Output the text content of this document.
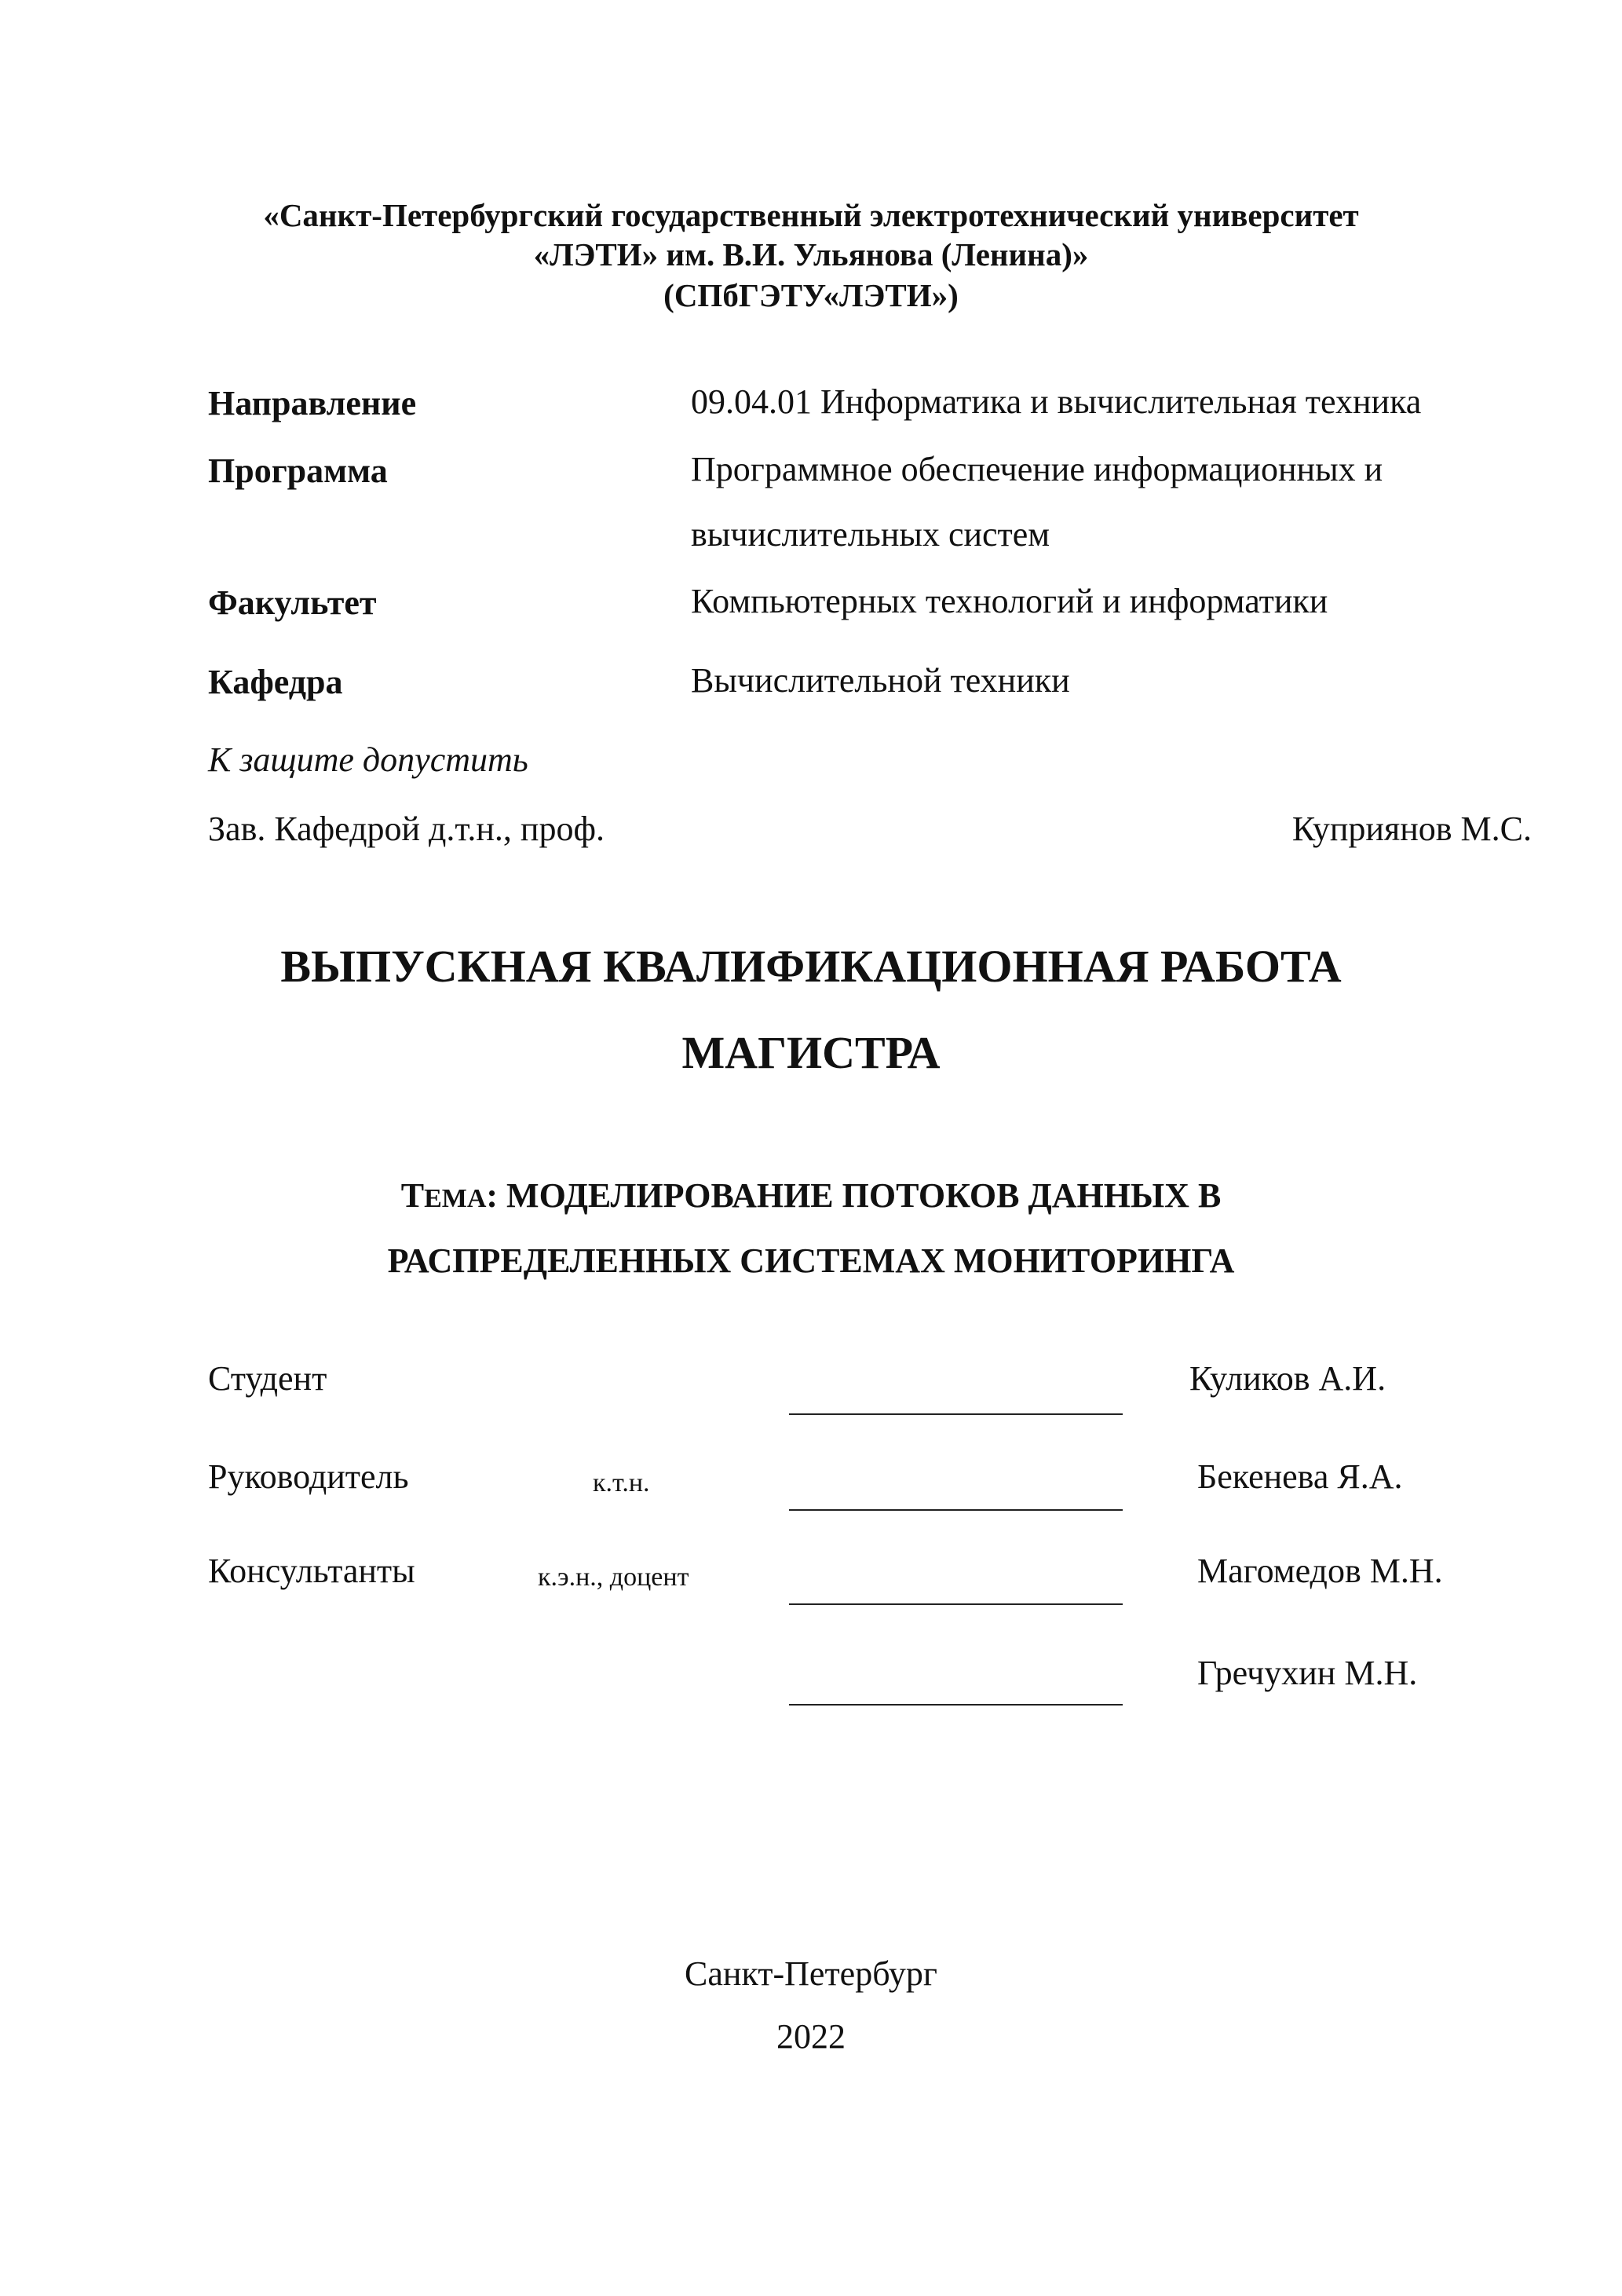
«Санкт-Петербургский государственный электротехнический университет
«ЛЭТИ» им. В.И. Ульянова (Ленина)»
(СПбГЭТУ«ЛЭТИ»)
Направление	09.04.01 Информатика и вычислительная техника
Программа	Программное обеспечение информационных и вычислительных систем
Факультет	Компьютерных технологий и информатики
Кафедра	Вычислительной техники
К защите допустить
Зав. Кафедрой д.т.н., проф.	Куприянов М.С.
ВЫПУСКНАЯ КВАЛИФИКАЦИОННАЯ РАБОТА
МАГИСТРА
ТЕМА: МОДЕЛИРОВАНИЕ ПОТОКОВ ДАННЫХ В
РАСПРЕДЕЛЕННЫХ СИСТЕМАХ МОНИТОРИНГА
Студент	Куликов А.И.
Руководитель	к.т.н.	Бекенева Я.А.
Консультанты	к.э.н., доцент	Магомедов М.Н.
Гречухин М.Н.
Санкт-Петербург
2022
